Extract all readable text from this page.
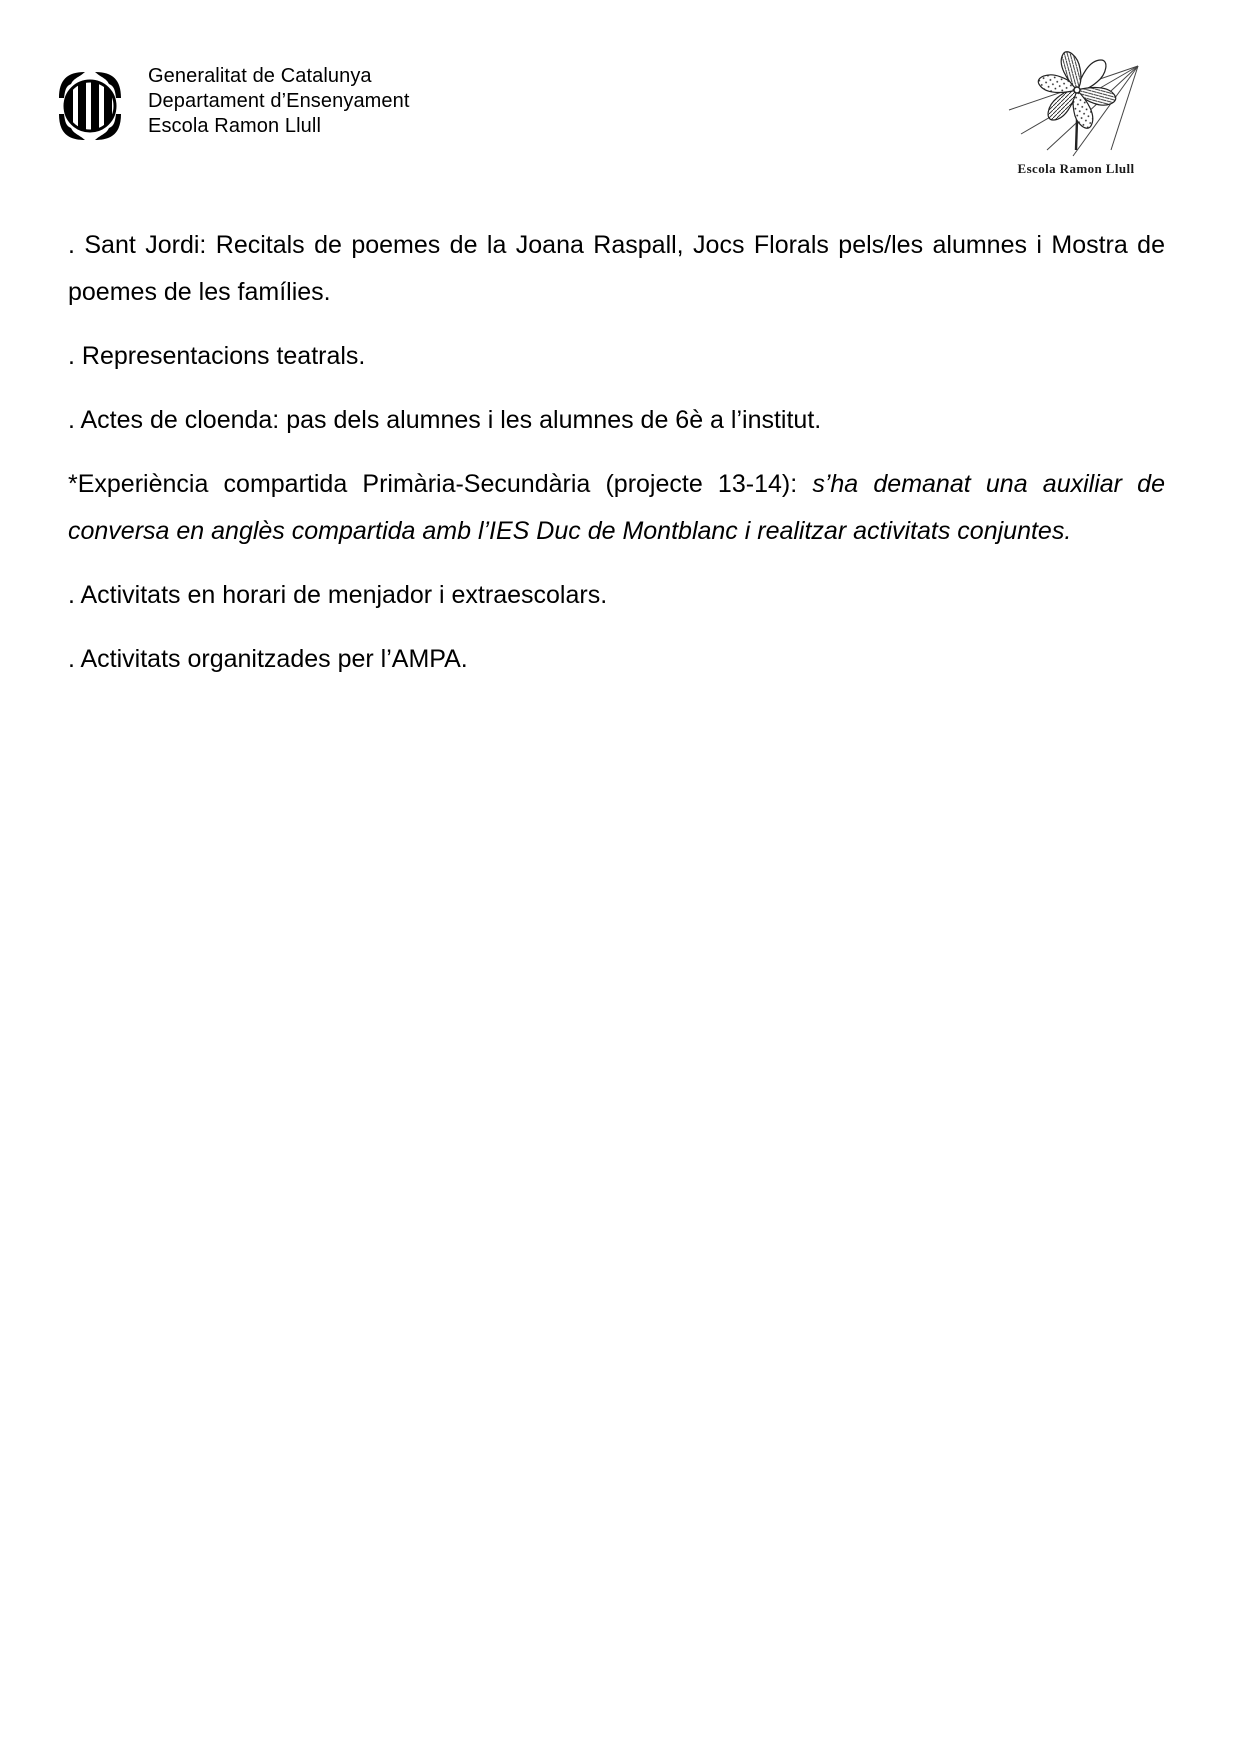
Generalitat de Catalunya
Departament d’Ensenyament
Escola Ramon Llull
Escola Ramon Llull

. Sant Jordi: Recitals de poemes de la Joana Raspall, Jocs Florals pels/les alumnes i Mostra de poemes de les famílies.

. Representacions teatrals.

. Actes de cloenda: pas dels alumnes i les alumnes de 6è a l’institut.

*Experiència compartida Primària-Secundària (projecte 13-14): s’ha demanat una auxiliar de conversa en anglès compartida amb l’IES Duc de Montblanc i realitzar activitats conjuntes.

. Activitats en horari de menjador i extraescolars.

. Activitats organitzades per l’AMPA.
